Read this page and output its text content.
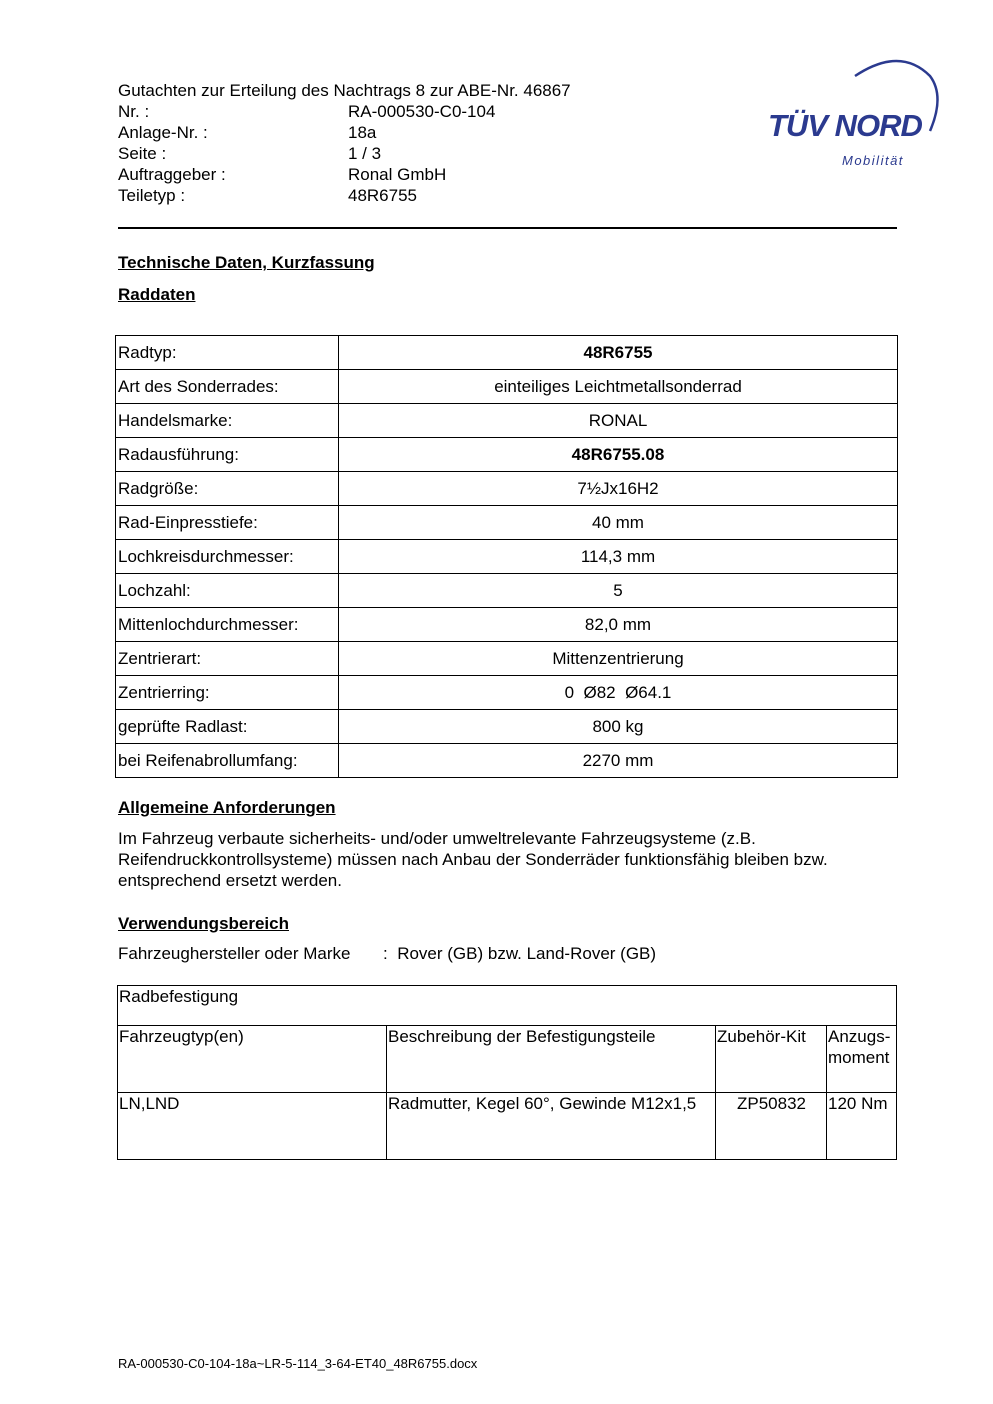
Gutachten zur Erteilung des Nachtrags 8 zur ABE-Nr. 46867
Nr. :	RA-000530-C0-104
Anlage-Nr. :	18a
Seite :	1 / 3
Auftraggeber :	Ronal GmbH
Teiletyp :	48R6755
TÜV NORD
Mobilität
Technische Daten, Kurzfassung
Raddaten
Radtyp:	48R6755
Art des Sonderrades:	einteiliges Leichtmetallsonderrad
Handelsmarke:	RONAL
Radausführung:	48R6755.08
Radgröße:	7½Jx16H2
Rad-Einpresstiefe:	40 mm
Lochkreisdurchmesser:	114,3 mm
Lochzahl:	5
Mittenlochdurchmesser:	82,0 mm
Zentrierart:	Mittenzentrierung
Zentrierring:	0  Ø82  Ø64.1
geprüfte Radlast:	800 kg
bei Reifenabrollumfang:	2270 mm
Allgemeine Anforderungen
Im Fahrzeug verbaute sicherheits- und/oder umweltrelevante Fahrzeugsysteme (z.B. Reifendruckkontrollsysteme) müssen nach Anbau der Sonderräder funktionsfähig bleiben bzw. entsprechend ersetzt werden.
Verwendungsbereich
Fahrzeughersteller oder Marke : Rover (GB) bzw. Land-Rover (GB)
Radbefestigung			
Fahrzeugtyp(en)	Beschreibung der Befestigungsteile	Zubehör-Kit	Anzugs-moment
LN,LND	Radmutter, Kegel 60°, Gewinde M12x1,5	ZP50832	120 Nm
RA-000530-C0-104-18a~LR-5-114_3-64-ET40_48R6755.docx
